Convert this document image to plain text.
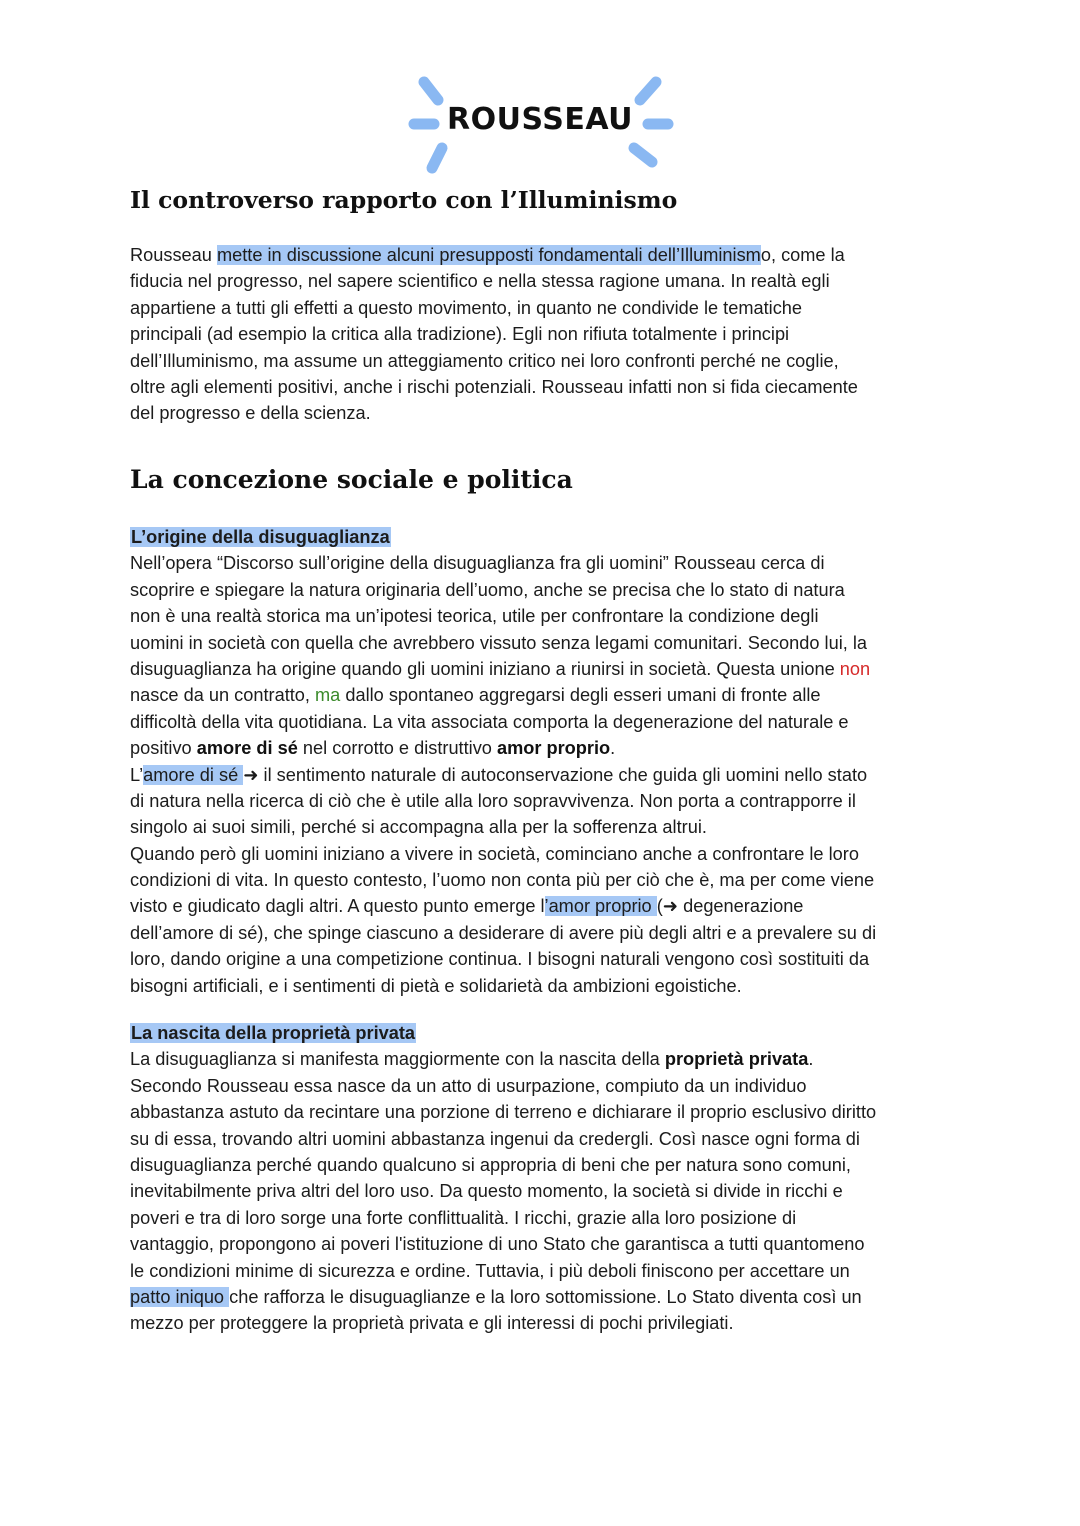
ROUSSEAU
Il controverso rapporto con l’Illuminismo
Rousseau mette in discussione alcuni presupposti fondamentali dell’Illuminismo, come la
fiducia nel progresso, nel sapere scientifico e nella stessa ragione umana. In realtà egli
appartiene a tutti gli effetti a questo movimento, in quanto ne condivide le tematiche
principali (ad esempio la critica alla tradizione). Egli non rifiuta totalmente i principi
dell’Illuminismo, ma assume un atteggiamento critico nei loro confronti perché ne coglie,
oltre agli elementi positivi, anche i rischi potenziali. Rousseau infatti non si fida ciecamente
del progresso e della scienza.
La concezione sociale e politica
L’origine della disuguaglianza
Nell’opera “Discorso sull’origine della disuguaglianza fra gli uomini” Rousseau cerca di
scoprire e spiegare la natura originaria dell’uomo, anche se precisa che lo stato di natura
non è una realtà storica ma un’ipotesi teorica, utile per confrontare la condizione degli
uomini in società con quella che avrebbero vissuto senza legami comunitari. Secondo lui, la
disuguaglianza ha origine quando gli uomini iniziano a riunirsi in società. Questa unione non
nasce da un contratto, ma dallo spontaneo aggregarsi degli esseri umani di fronte alle
difficoltà della vita quotidiana. La vita associata comporta la degenerazione del naturale e
positivo amore di sé nel corrotto e distruttivo amor proprio.
L’amore di sé ➜ il sentimento naturale di autoconservazione che guida gli uomini nello stato
di natura nella ricerca di ciò che è utile alla loro sopravvivenza. Non porta a contrapporre il
singolo ai suoi simili, perché si accompagna alla per la sofferenza altrui.
Quando però gli uomini iniziano a vivere in società, cominciano anche a confrontare le loro
condizioni di vita. In questo contesto, l’uomo non conta più per ciò che è, ma per come viene
visto e giudicato dagli altri. A questo punto emerge l’amor proprio (➜ degenerazione
dell’amore di sé), che spinge ciascuno a desiderare di avere più degli altri e a prevalere su di
loro, dando origine a una competizione continua. I bisogni naturali vengono così sostituiti da
bisogni artificiali, e i sentimenti di pietà e solidarietà da ambizioni egoistiche.
La nascita della proprietà privata
La disuguaglianza si manifesta maggiormente con la nascita della proprietà privata.
Secondo Rousseau essa nasce da un atto di usurpazione, compiuto da un individuo
abbastanza astuto da recintare una porzione di terreno e dichiarare il proprio esclusivo diritto
su di essa, trovando altri uomini abbastanza ingenui da credergli. Così nasce ogni forma di
disuguaglianza perché quando qualcuno si appropria di beni che per natura sono comuni,
inevitabilmente priva altri del loro uso. Da questo momento, la società si divide in ricchi e
poveri e tra di loro sorge una forte conflittualità. I ricchi, grazie alla loro posizione di
vantaggio, propongono ai poveri l'istituzione di uno Stato che garantisca a tutti quantomeno
le condizioni minime di sicurezza e ordine. Tuttavia, i più deboli finiscono per accettare un
patto iniquo che rafforza le disuguaglianze e la loro sottomissione. Lo Stato diventa così un
mezzo per proteggere la proprietà privata e gli interessi di pochi privilegiati.
